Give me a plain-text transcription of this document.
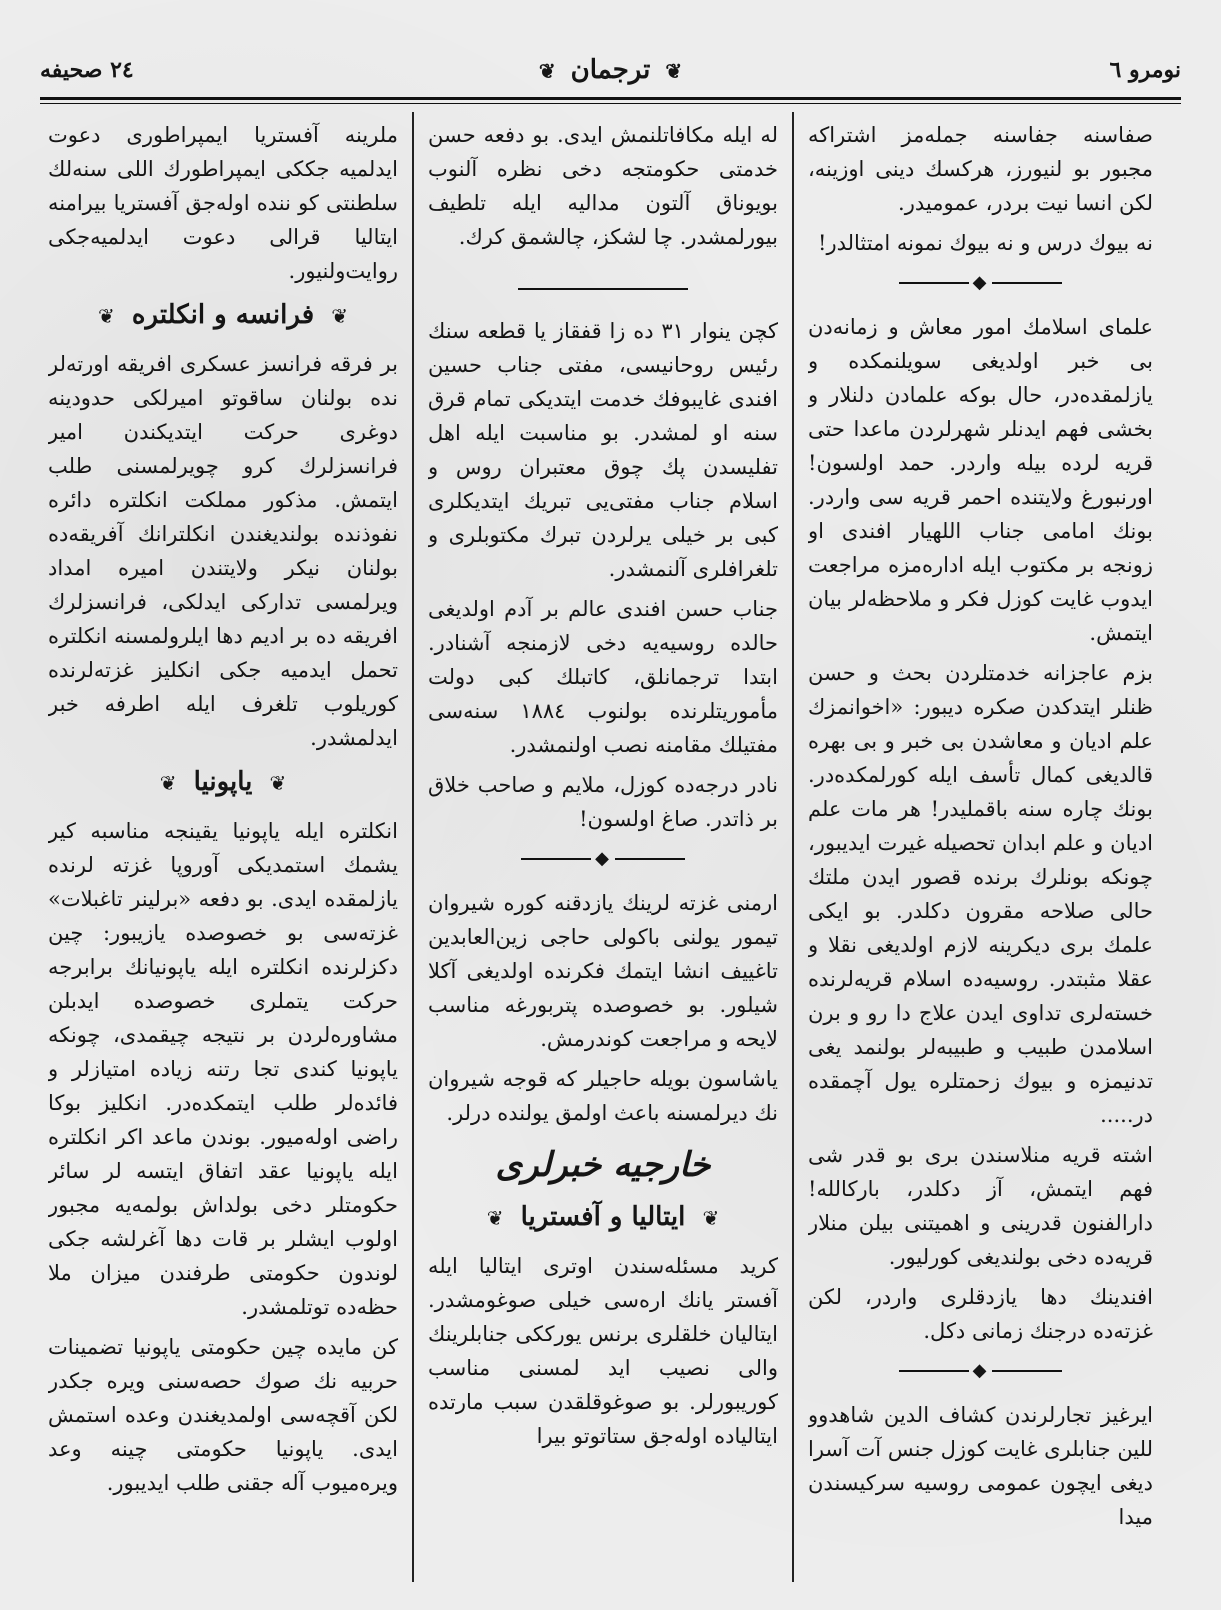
نومرو ٦
❦ ترجمان ❦
۲٤ صحيفه

صفاسنه جفاسنه جمله‌مز اشتراكه مجبور بو لنيورز، هركسك دينى اوزينه، لكن انسا نيت بردر، عموميدر.

نه بيوك درس و نه بيوك نمونه امتثالدر!

◆

علماى اسلامك امور معاش و زمانه‌دن بى خبر اولديغى سويلنمكده و يازلمقده‌در، حال بوكه علمادن دلنلار و بخشى فهم ايدنلر شهرلردن ماعدا حتى قريه لرده بيله واردر. حمد اولسون! اورنبورغ ولايتنده احمر قريه سى واردر. بونك امامى جناب اللهيار افندى او زونجه بر مكتوب ايله اداره‌مزه مراجعت ايدوب غايت كوزل فكر و ملاحظه‌لر بيان ايتمش.

بزم عاجزانه خدمتلردن بحث و حسن ظنلر ايتدكدن صكره ديبور: «اخوانمزك علم اديان و معاشدن بى خبر و بى بهره قالديغى كمال تأسف ايله كورلمكده‌در. بونك چاره سنه باقمليدر! هر مات علم اديان و علم ابدان تحصيله غيرت ايديبور، چونكه بونلرك برنده قصور ايدن ملتك حالى صلاحه مقرون دكلدر. بو ايكى علمك برى ديكرينه لازم اولديغى نقلا و عقلا مثبتدر. روسيه‌ده اسلام قريه‌لرنده خسته‌لرى تداوى ايدن علاج دا رو و برن اسلامدن طبيب و طبيبه‌لر بولنمد يغى تدنيمزه و بيوك زحمتلره يول آچمقده در.....

اشته قريه منلاسندن برى بو قدر شى فهم ايتمش، آز دكلدر، باركالله! دارالفنون قدرينى و اهميتنى بيلن منلار قريه‌ده دخى بولنديغى كورليور.

افندينك دها يازدقلرى واردر، لكن غزته‌ده درجنك زمانى دكل.

◆

ايرغيز تجارلرندن كشاف الدين شاهدوو للين جنابلرى غايت كوزل جنس آت آسرا ديغى ايچون عمومى روسيه سركيسندن ميدا

له ايله مكافاتلنمش ايدى. بو دفعه حسن خدمتى حكومتجه دخى نظره آلنوب بويوناق آلتون مداليه ايله تلطيف بيورلمشدر. چا لشكز، چالشمق كرك.

كچن ينوار ٣١ ده زا قفقاز يا قطعه سنك رئيس روحانيسى، مفتى جناب حسين افندى غايبوفك خدمت ايتديكى تمام قرق سنه او لمشدر. بو مناسبت ايله اهل تفليسدن پك چوق معتبران روس و اسلام جناب مفتى‌يى تبريك ايتديكلرى كبى بر خيلى يرلردن تبرك مكتوبلرى و تلغرافلرى آلنمشدر.

جناب حسن افندى عالم بر آدم اولديغى حالده روسيه‌يه دخى لازمنجه آشنادر. ابتدا ترجمانلق، كاتبلك كبى دولت مأموريتلرنده بولنوب ١٨٨٤ سنه‌سى مفتيلك مقامنه نصب اولنمشدر.

نادر درجه‌ده كوزل، ملايم و صاحب خلاق بر ذاتدر. صاغ اولسون!

◆

ارمنى غزته لرينك يازدقنه كوره شيروان تيمور يولنى باكولى حاجى زين‌العابدين تاغييف انشا ايتمك فكرنده اولديغى آكلا شيلور. بو خصوصده پتربورغه مناسب لايحه و مراجعت كوندرمش.

ياشاسون بويله حاجيلر كه قوجه شيروان نك ديرلمسنه باعث اولمق يولنده درلر.

خارجيه خبرلرى
❦ ايتاليا و آفستريا ❦

كريد مسئله‌سندن اوترى ايتاليا ايله آفستر يانك اره‌سى خيلى صوغومشدر. ايتاليان خلقلرى برنس يورككى جنابلرينك والى نصيب ايد لمسنى مناسب كوريبورلر. بو صوغوقلقدن سبب مارتده ايتالياده اوله‌جق ستاتوتو بيرا

ملرينه آفستريا ايمپراطورى دعوت ايدلميه جككى ايمپراطورك اللى سنه‌لك سلطنتى كو ننده اوله‌جق آفستريا بيرامنه ايتاليا قرالى دعوت ايدلميه‌جكى روايت‌ولنيور.

❦ فرانسه و انكلتره ❦

بر فرقه فرانسز عسكرى افريقه اورته‌لر نده بولنان ساقوتو اميرلكى حدودينه دوغرى حركت ايتديكندن امير فرانسزلرك كرو چويرلمسنى طلب ايتمش. مذكور مملكت انكلتره دائره نفوذنده بولنديغندن انكلترانك آفريقه‌ده بولنان نيكر ولايتندن اميره امداد ويرلمسى تداركى ايدلكى، فرانسزلرك افريقه ده بر اديم دها ايلرولمسنه انكلتره تحمل ايدميه جكى انكليز غزته‌لرنده كوريلوب تلغرف ايله اطرفه خبر ايدلمشدر.

❦ ياپونيا ❦

انكلتره ايله ياپونيا يقينجه مناسبه كير يشمك استمديكى آوروپا غزته لرنده يازلمقده ايدى. بو دفعه «برلينر تاغبلات» غزته‌سى بو خصوصده يازيبور: چين دكزلرنده انكلتره ايله ياپونيانك برابرجه حركت يتملرى خصوصده ايدبلن مشاوره‌لردن بر نتيجه چيقمدى، چونكه ياپونيا كندى تجا رتنه زياده امتيازلر و فائده‌لر طلب ايتمكده‌در. انكليز بوكا راضى اوله‌ميور. بوندن ماعد اكر انكلتره ايله ياپونيا عقد اتفاق ايتسه لر سائر حكومتلر دخى بولداش بولمه‌يه مجبور اولوب ايشلر بر قات دها آغرلشه جكى لوندون حكومتى طرفندن ميزان ملا حظه‌ده توتلمشدر.

كن مايده چين حكومتى ياپونيا تضمينات حربيه نك صوك حصه‌سنى ويره جكدر لكن آقچه‌سى اولمديغندن وعده استمش ايدى. ياپونيا حكومتى چينه وعد ويره‌ميوب آله جقنى طلب ايديبور.
